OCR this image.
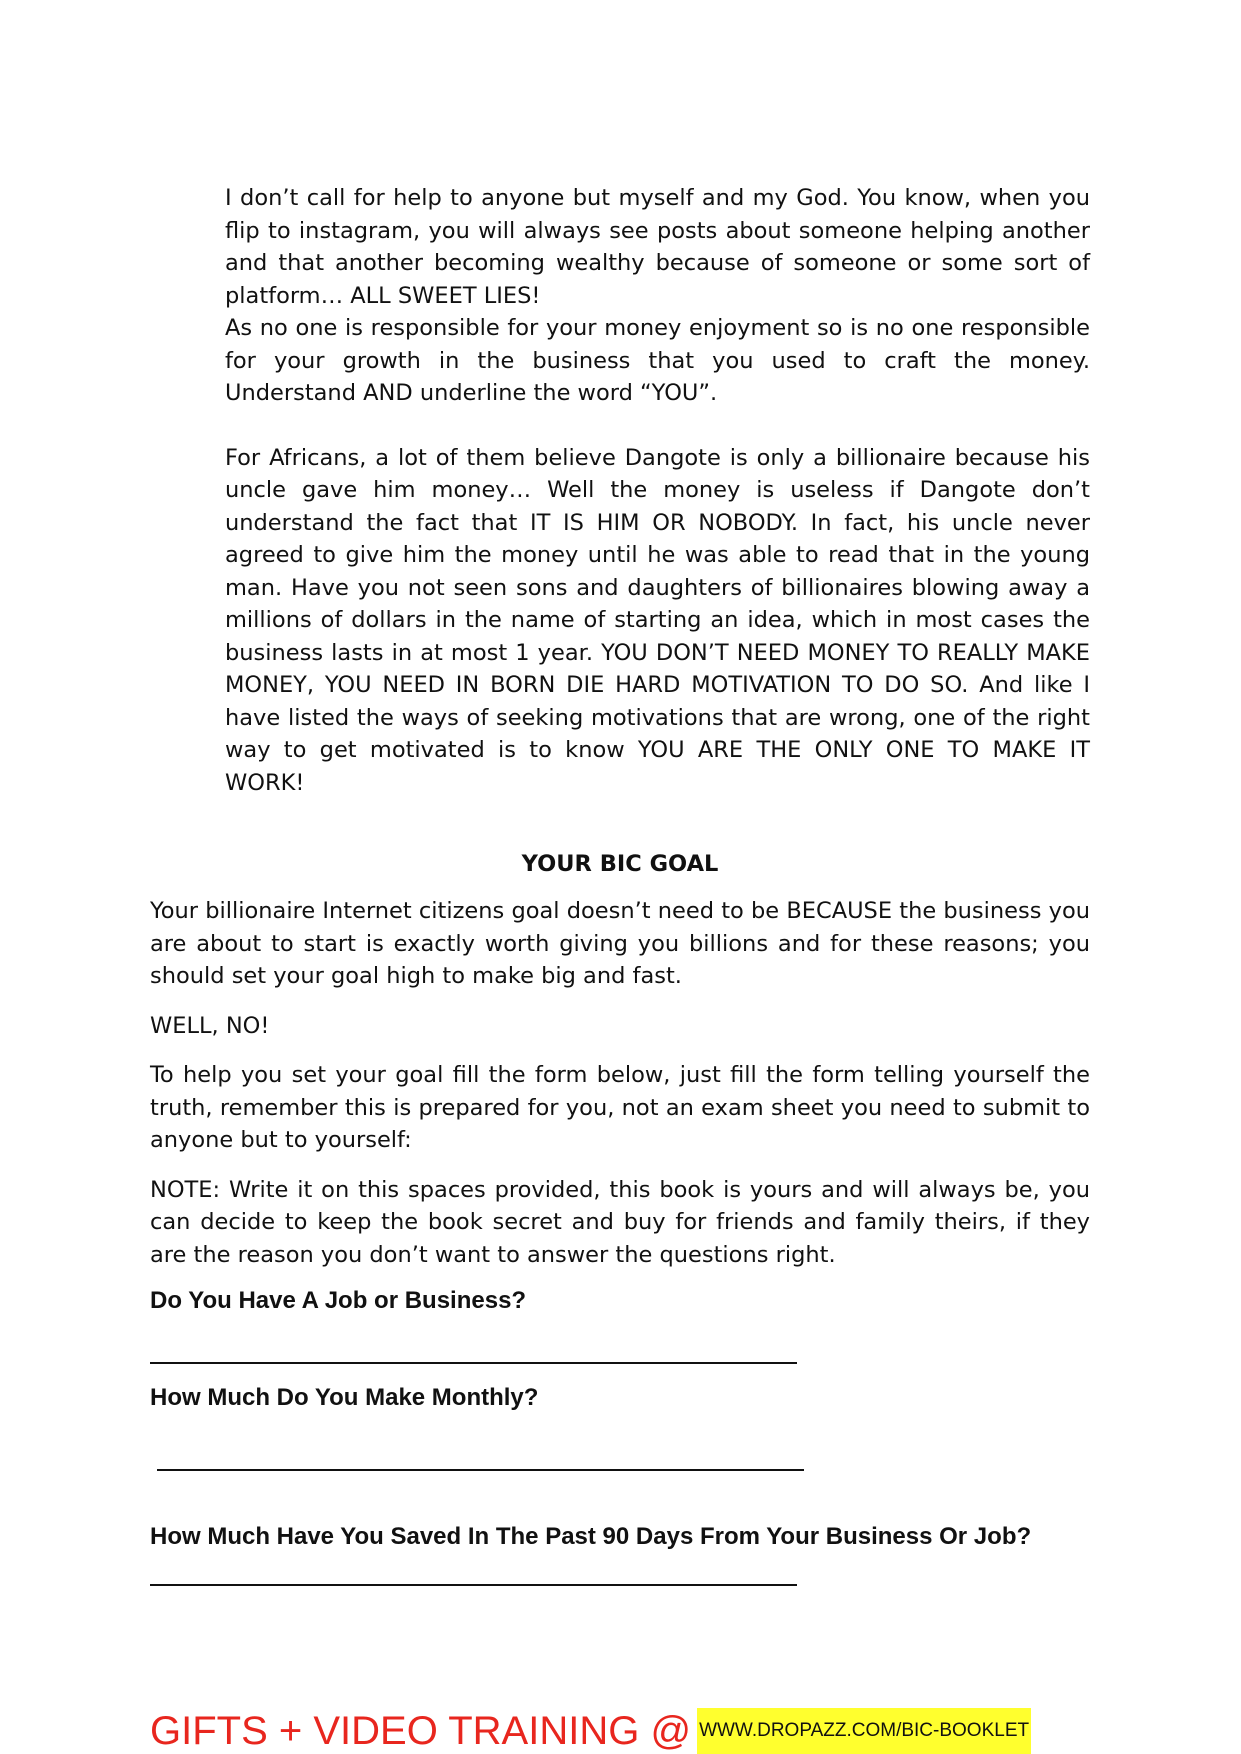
I don’t call for help to anyone but myself and my God. You know, when you flip to instagram, you will always see posts about someone helping another and that another becoming wealthy because of someone or some sort of platform… ALL SWEET LIES!

As no one is responsible for your money enjoyment so is no one responsible for your growth in the business that you used to craft the money. Understand AND underline the word “YOU”.

For Africans, a lot of them believe Dangote is only a billionaire because his uncle gave him money… Well the money is useless if Dangote don’t understand the fact that IT IS HIM OR NOBODY. In fact, his uncle never agreed to give him the money until he was able to read that in the young man. Have you not seen sons and daughters of billionaires blowing away a millions of dollars in the name of starting an idea, which in most cases the business lasts in at most 1 year. YOU DON’T NEED MONEY TO REALLY MAKE MONEY, YOU NEED IN BORN DIE HARD MOTIVATION TO DO SO. And like I have listed the ways of seeking motivations that are wrong, one of the right way to get motivated is to know YOU ARE THE ONLY ONE TO MAKE IT WORK!

YOUR BIC GOAL

Your billionaire Internet citizens goal doesn’t need to be BECAUSE the business you are about to start is exactly worth giving you billions and for these reasons; you should set your goal high to make big and fast.

WELL, NO!

To help you set your goal fill the form below, just fill the form telling yourself the truth, remember this is prepared for you, not an exam sheet you need to submit to anyone but to yourself:

NOTE: Write it on this spaces provided, this book is yours and will always be, you can decide to keep the book secret and buy for friends and family theirs, if they are the reason you don’t want to answer the questions right.

Do You Have A Job or Business?
How Much Do You Make Monthly?
How Much Have You Saved In The Past 90 Days From Your Business Or Job?
GIFTS + VIDEO TRAINING @ WWW.DROPAZZ.COM/BIC-BOOKLET
